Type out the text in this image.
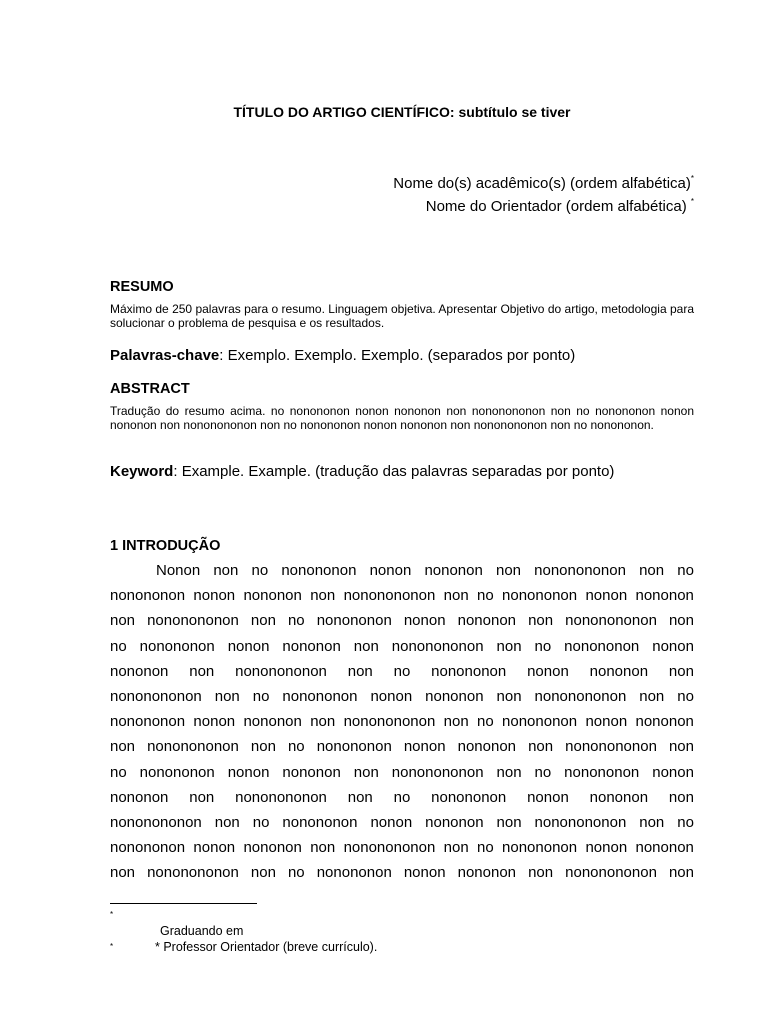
TÍTULO DO ARTIGO CIENTÍFICO: subtítulo se tiver
Nome do(s) acadêmico(s) (ordem alfabética)*
Nome do Orientador (ordem alfabética) *
RESUMO
Máximo de 250 palavras para o resumo. Linguagem objetiva. Apresentar Objetivo do artigo, metodologia para solucionar o problema de pesquisa e os resultados.
Palavras-chave: Exemplo. Exemplo. Exemplo. (separados por ponto)
ABSTRACT
Tradução do resumo acima. no nonononon nonon nononon non nononononon non no nonononon nonon nononon non nononononon non no nonononon nonon nononon non nononononon non no nonononon.
Keyword: Example. Example. (tradução das palavras separadas por ponto)
1 INTRODUÇÃO
Nonon non no nonononon nonon nononon non nononononon non no
nonononon nonon nononon non nononononon non no nonononon nonon nononon
non nononononon non no nonononon nonon nononon non nononononon non
no nonononon nonon nononon non nononononon non no nonononon nonon
nononon non nononononon non no nonononon nonon nononon non
nononononon non no nonononon nonon nononon non nononononon non no
nonononon nonon nononon non nononononon non no nonononon nonon nononon
non nononononon non no nonononon nonon nononon non nononononon non
no nonononon nonon nononon non nononononon non no nonononon nonon
nononon non nononononon non no nonononon nonon nononon non
nononononon non no nonononon nonon nononon non nononononon non no
nonononon nonon nononon non nononononon non no nonononon nonon nononon
non nononononon non no nonononon nonon nononon non nononononon non
*
Graduando em
*	* Professor Orientador (breve currículo).
